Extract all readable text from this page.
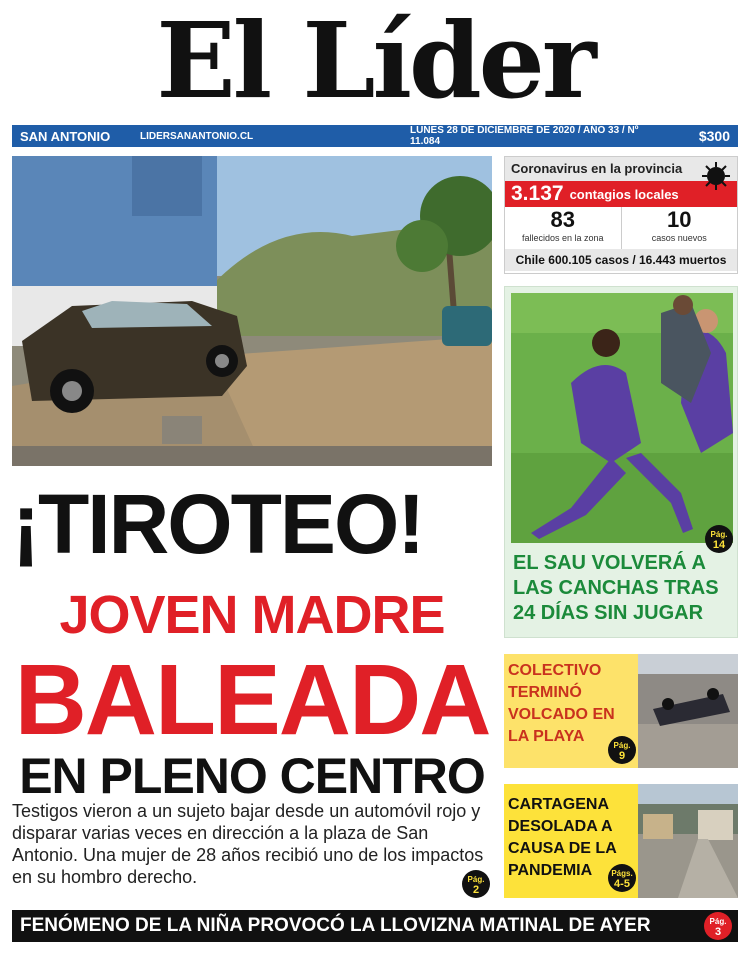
El Líder
SAN ANTONIO	LIDERSANANTONIO.CL	LUNES 28 DE DICIEMBRE DE 2020 / AÑO 33 / Nº 11.084	$300
Coronavirus en la provincia
3.137 contagios locales
83
fallecidos en la zona
10
casos nuevos
Chile 600.105 casos / 16.443 muertos
Pág.
14
EL SAU VOLVERÁ A LAS CANCHAS TRAS 24 DÍAS SIN JUGAR
COLECTIVO TERMINÓ VOLCADO EN LA PLAYA
Pág.
9
CARTAGENA DESOLADA A CAUSA DE LA PANDEMIA	Págs.
4-5
¡TIROTEO!
JOVEN MADRE
BALEADA
EN PLENO CENTRO
Testigos vieron a un sujeto bajar desde un automóvil rojo y disparar varias veces en dirección a la plaza de San Antonio. Una mujer de 28 años recibió uno de los impactos en su hombro derecho.	Pág.
2
FENÓMENO DE LA NIÑA PROVOCÓ LA LLOVIZNA MATINAL DE AYER	Pág.
3
